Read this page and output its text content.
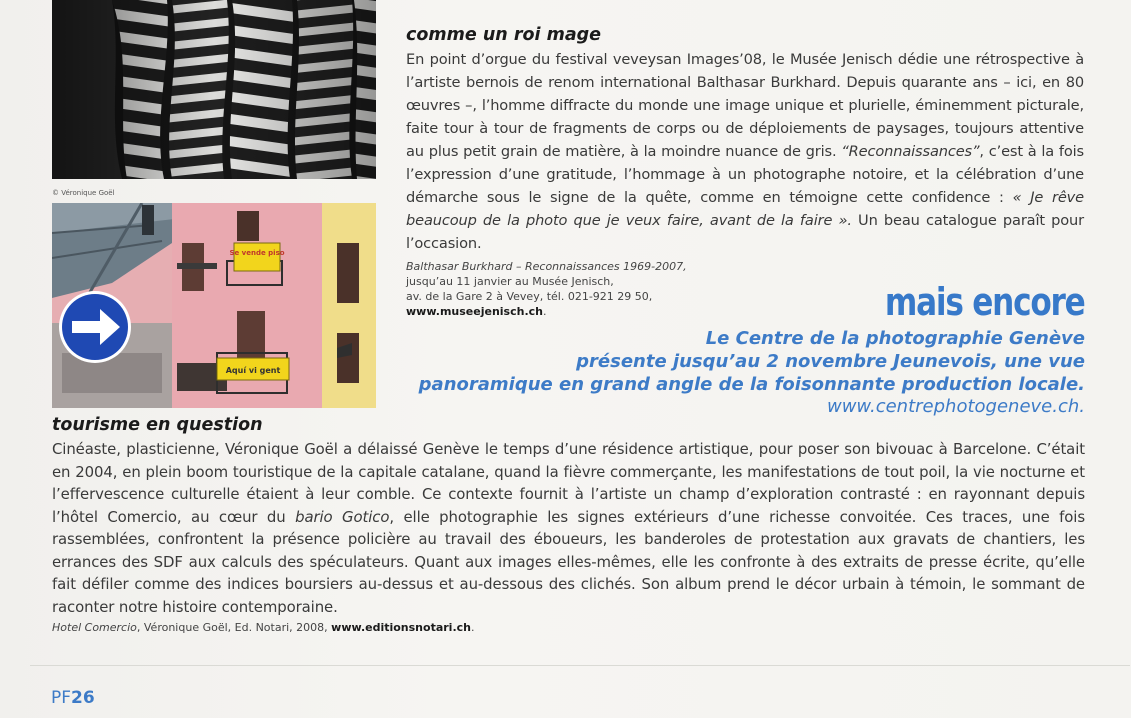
© Véronique Goël
Se vende piso
Aquí vi gent
comme un roi mage

En point d’orgue du festival veveysan Images’08, le Musée Jenisch dédie une rétrospective à l’artiste bernois de renom international Balthasar Burkhard. Depuis quarante ans – ici, en 80 œuvres –, l’homme diffracte du monde une image unique et plurielle, éminemment picturale, faite tour à tour de fragments de corps ou de déploiements de paysages, toujours attentive au plus petit grain de matière, à la moindre nuance de gris. “Reconnaissances”, c’est à la fois l’expression d’une gratitude, l’hommage à un photographe notoire, et la célébration d’une démarche sous le signe de la quête, comme en témoigne cette confidence : « Je rêve beaucoup de la photo que je veux faire, avant de la faire ». Un beau catalogue paraît pour l’occasion.

Balthasar Burkhard – Reconnaissances 1969-2007,
jusqu’au 11 janvier au Musée Jenisch,
av. de la Gare 2 à Vevey, tél. 021-921 29 50,
www.museejenisch.ch.	mais encore
Le Centre de la photographie Genève
présente jusqu’au 2 novembre Jeunevois, une vue
panoramique en grand angle de la foisonnante production locale.
www.centrephotogeneve.ch.
tourisme en question

Cinéaste, plasticienne, Véronique Goël a délaissé Genève le temps d’une résidence artistique, pour poser son bivouac à Barcelone. C’était en 2004, en plein boom touristique de la capitale catalane, quand la fièvre commerçante, les manifestations de tout poil, la vie nocturne et l’effervescence culturelle étaient à leur comble. Ce contexte fournit à l’artiste un champ d’exploration contrasté : en rayonnant depuis l’hôtel Comercio, au cœur du bario Gotico, elle photographie les signes extérieurs d’une richesse convoitée. Ces traces, une fois rassemblées, confrontent la présence policière au travail des éboueurs, les banderoles de protestation aux gravats de chantiers, les errances des SDF aux calculs des spéculateurs. Quant aux images elles-mêmes, elle les confronte à des extraits de presse écrite, qu’elle fait défiler comme des indices boursiers au-dessus et au-dessous des clichés. Son album prend le décor urbain à témoin, le sommant de raconter notre histoire contemporaine.

Hotel Comercio, Véronique Goël, Ed. Notari, 2008, www.editionsnotari.ch.
PF26
